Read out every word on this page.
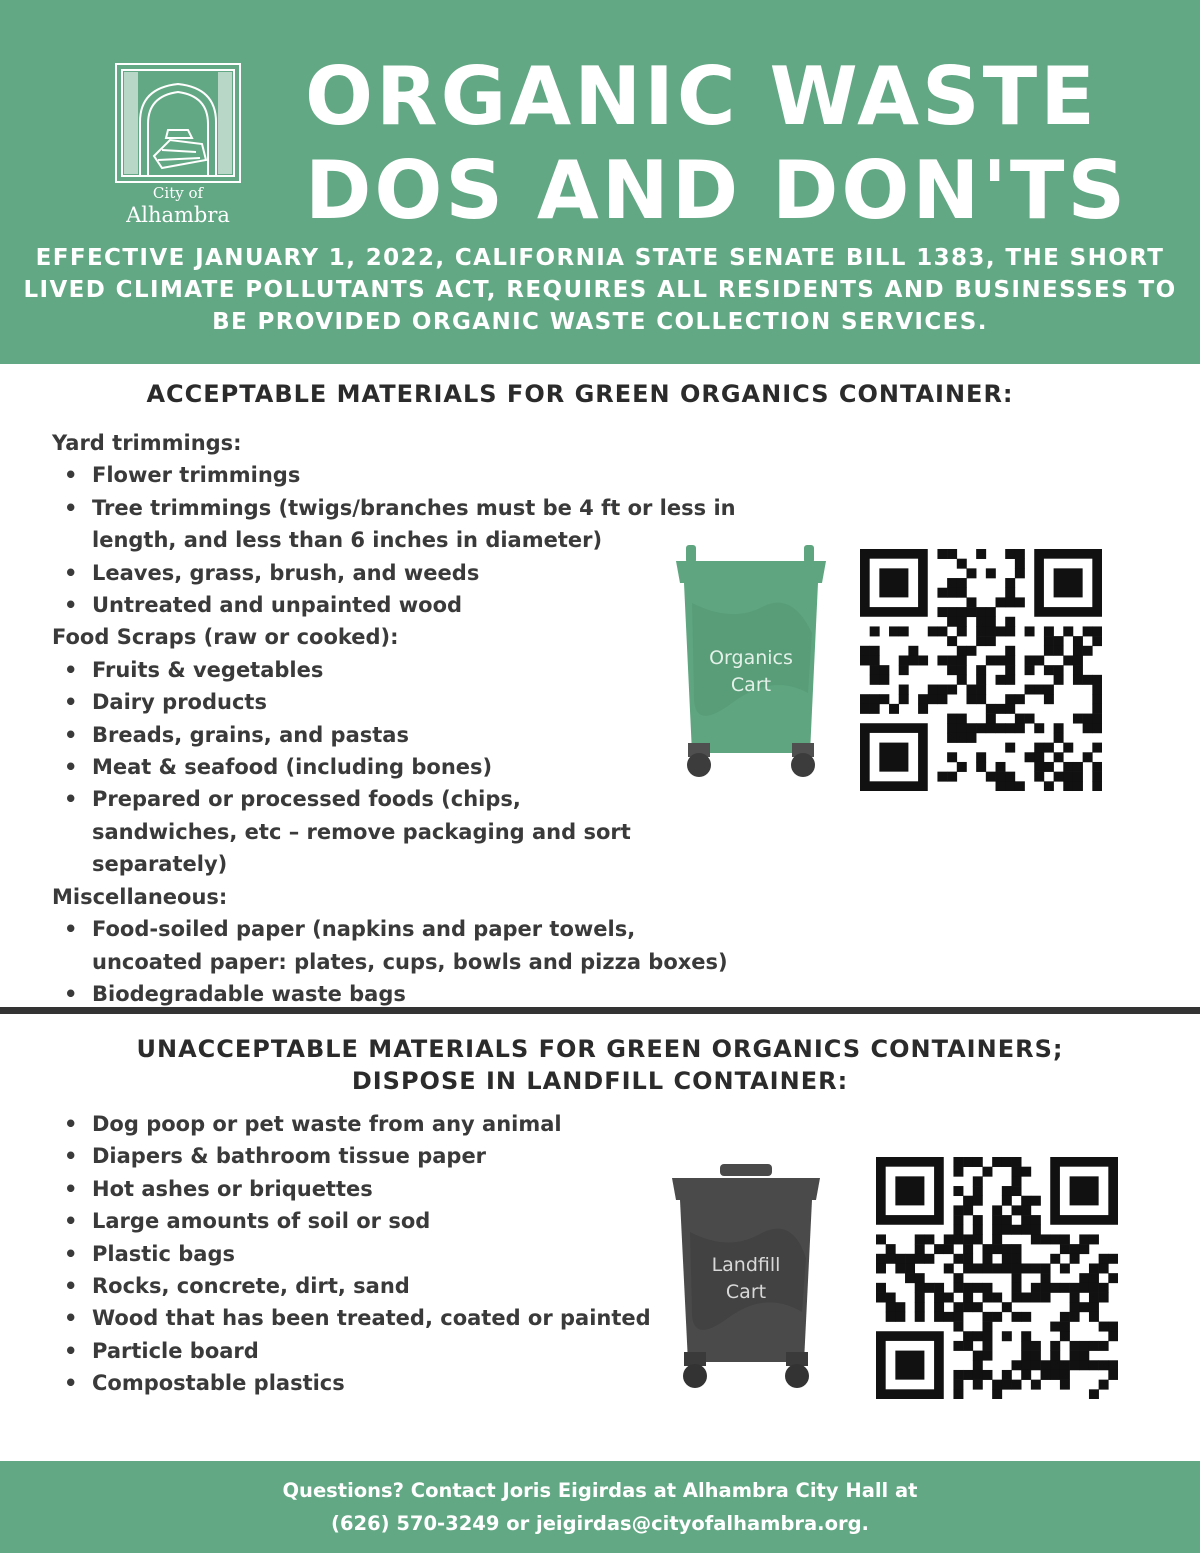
City of
Alhambra
ORGANIC WASTE
DOS AND DON'TS
EFFECTIVE JANUARY 1, 2022, CALIFORNIA STATE SENATE BILL 1383, THE SHORT LIVED CLIMATE POLLUTANTS ACT, REQUIRES ALL RESIDENTS AND BUSINESSES TO BE PROVIDED ORGANIC WASTE COLLECTION SERVICES.
ACCEPTABLE MATERIALS FOR GREEN ORGANICS CONTAINER:
Yard trimmings:
• Flower trimmings
• Tree trimmings (twigs/branches must be 4 ft or less in length, and less than 6 inches in diameter)
• Leaves, grass, brush, and weeds
• Untreated and unpainted wood
Food Scraps (raw or cooked):
• Fruits & vegetables
• Dairy products
• Breads, grains, and pastas
• Meat & seafood (including bones)
• Prepared or processed foods (chips, sandwiches, etc – remove packaging and sort separately)
Miscellaneous:
• Food-soiled paper (napkins and paper towels, uncoated paper: plates, cups, bowls and pizza boxes)
• Biodegradable waste bags
Organics
Cart
UNACCEPTABLE MATERIALS FOR GREEN ORGANICS CONTAINERS;
DISPOSE IN LANDFILL CONTAINER:
• Dog poop or pet waste from any animal
• Diapers & bathroom tissue paper
• Hot ashes or briquettes
• Large amounts of soil or sod
• Plastic bags
• Rocks, concrete, dirt, sand
• Wood that has been treated, coated or painted
• Particle board
• Compostable plastics
Landfill
Cart
Questions? Contact Joris Eigirdas at Alhambra City Hall at
(626) 570-3249 or jeigirdas@cityofalhambra.org.
